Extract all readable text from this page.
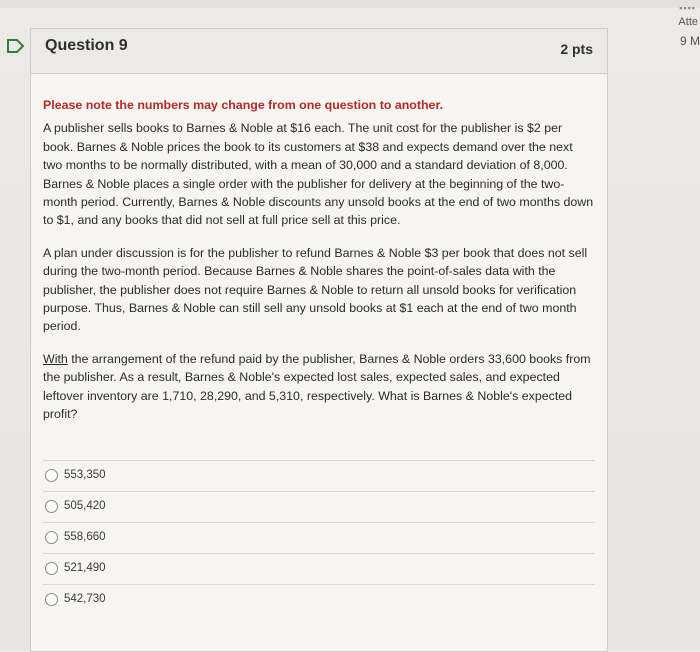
▪▪▪▪
Atte
9 M
Question 9	2 pts

Please note the numbers may change from one question to another.

A publisher sells books to Barnes & Noble at $16 each. The unit cost for the publisher is $2 per book. Barnes & Noble prices the book to its customers at $38 and expects demand over the next two months to be normally distributed, with a mean of 30,000 and a standard deviation of 8,000. Barnes & Noble places a single order with the publisher for delivery at the beginning of the two-month period. Currently, Barnes & Noble discounts any unsold books at the end of two months down to $1, and any books that did not sell at full price sell at this price.

A plan under discussion is for the publisher to refund Barnes & Noble $3 per book that does not sell during the two-month period. Because Barnes & Noble shares the point-of-sales data with the publisher, the publisher does not require Barnes & Noble to return all unsold books for verification purpose. Thus, Barnes & Noble can still sell any unsold books at $1 each at the end of two month period.

With the arrangement of the refund paid by the publisher, Barnes & Noble orders 33,600 books from the publisher. As a result, Barnes & Noble's expected lost sales, expected sales, and expected leftover inventory are 1,710, 28,290, and 5,310, respectively. What is Barnes & Noble's expected profit?

553,350
505,420
558,660
521,490
542,730
